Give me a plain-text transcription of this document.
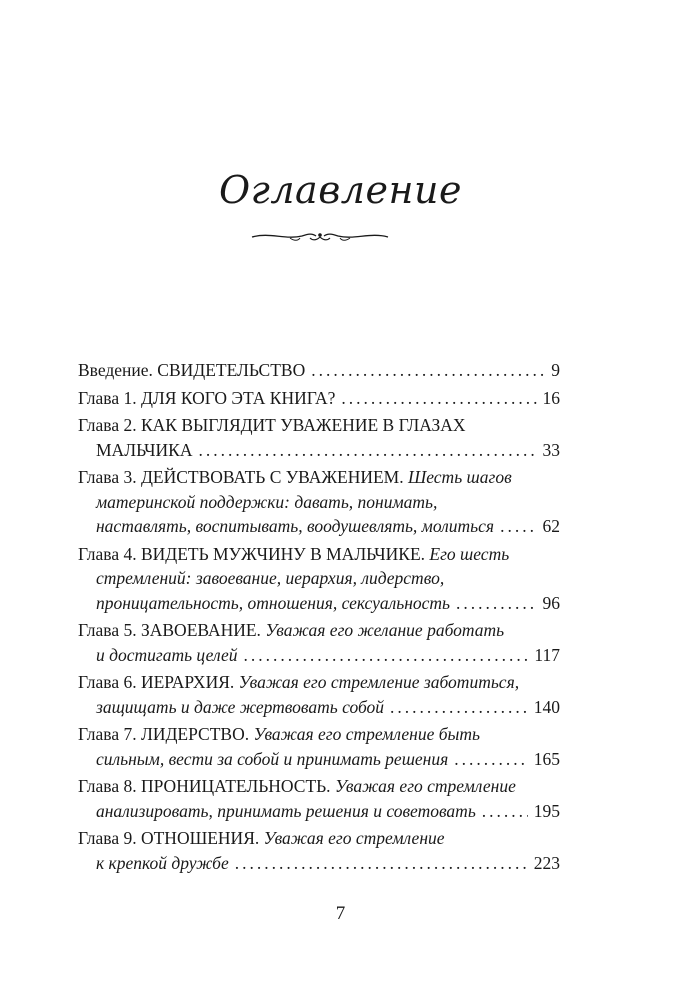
Оглавление
Введение. СВИДЕТЕЛЬСТВО .....	9
Глава 1. ДЛЯ КОГО ЭТА КНИГА? .....	16
Глава 2. КАК ВЫГЛЯДИТ УВАЖЕНИЕ В ГЛАЗАХ
МАЛЬЧИКА .....	33
Глава 3. ДЕЙСТВОВАТЬ С УВАЖЕНИЕМ. Шесть шагов
материнской поддержки: давать, понимать,
наставлять, воспитывать, воодушевлять, молиться .....	62
Глава 4. ВИДЕТЬ МУЖЧИНУ В МАЛЬЧИКЕ. Его шесть
стремлений: завоевание, иерархия, лидерство,
проницательность, отношения, сексуальность .....	96
Глава 5. ЗАВОЕВАНИЕ. Уважая его желание работать
и достигать целей .....	117
Глава 6. ИЕРАРХИЯ. Уважая его стремление заботиться,
защищать и даже жертвовать собой .....	140
Глава 7. ЛИДЕРСТВО. Уважая его стремление быть
сильным, вести за собой и принимать решения .....	165
Глава 8. ПРОНИЦАТЕЛЬНОСТЬ. Уважая его стремление
анализировать, принимать решения и советовать .....	195
Глава 9. ОТНОШЕНИЯ. Уважая его стремление
к крепкой дружбе .....	223
7
